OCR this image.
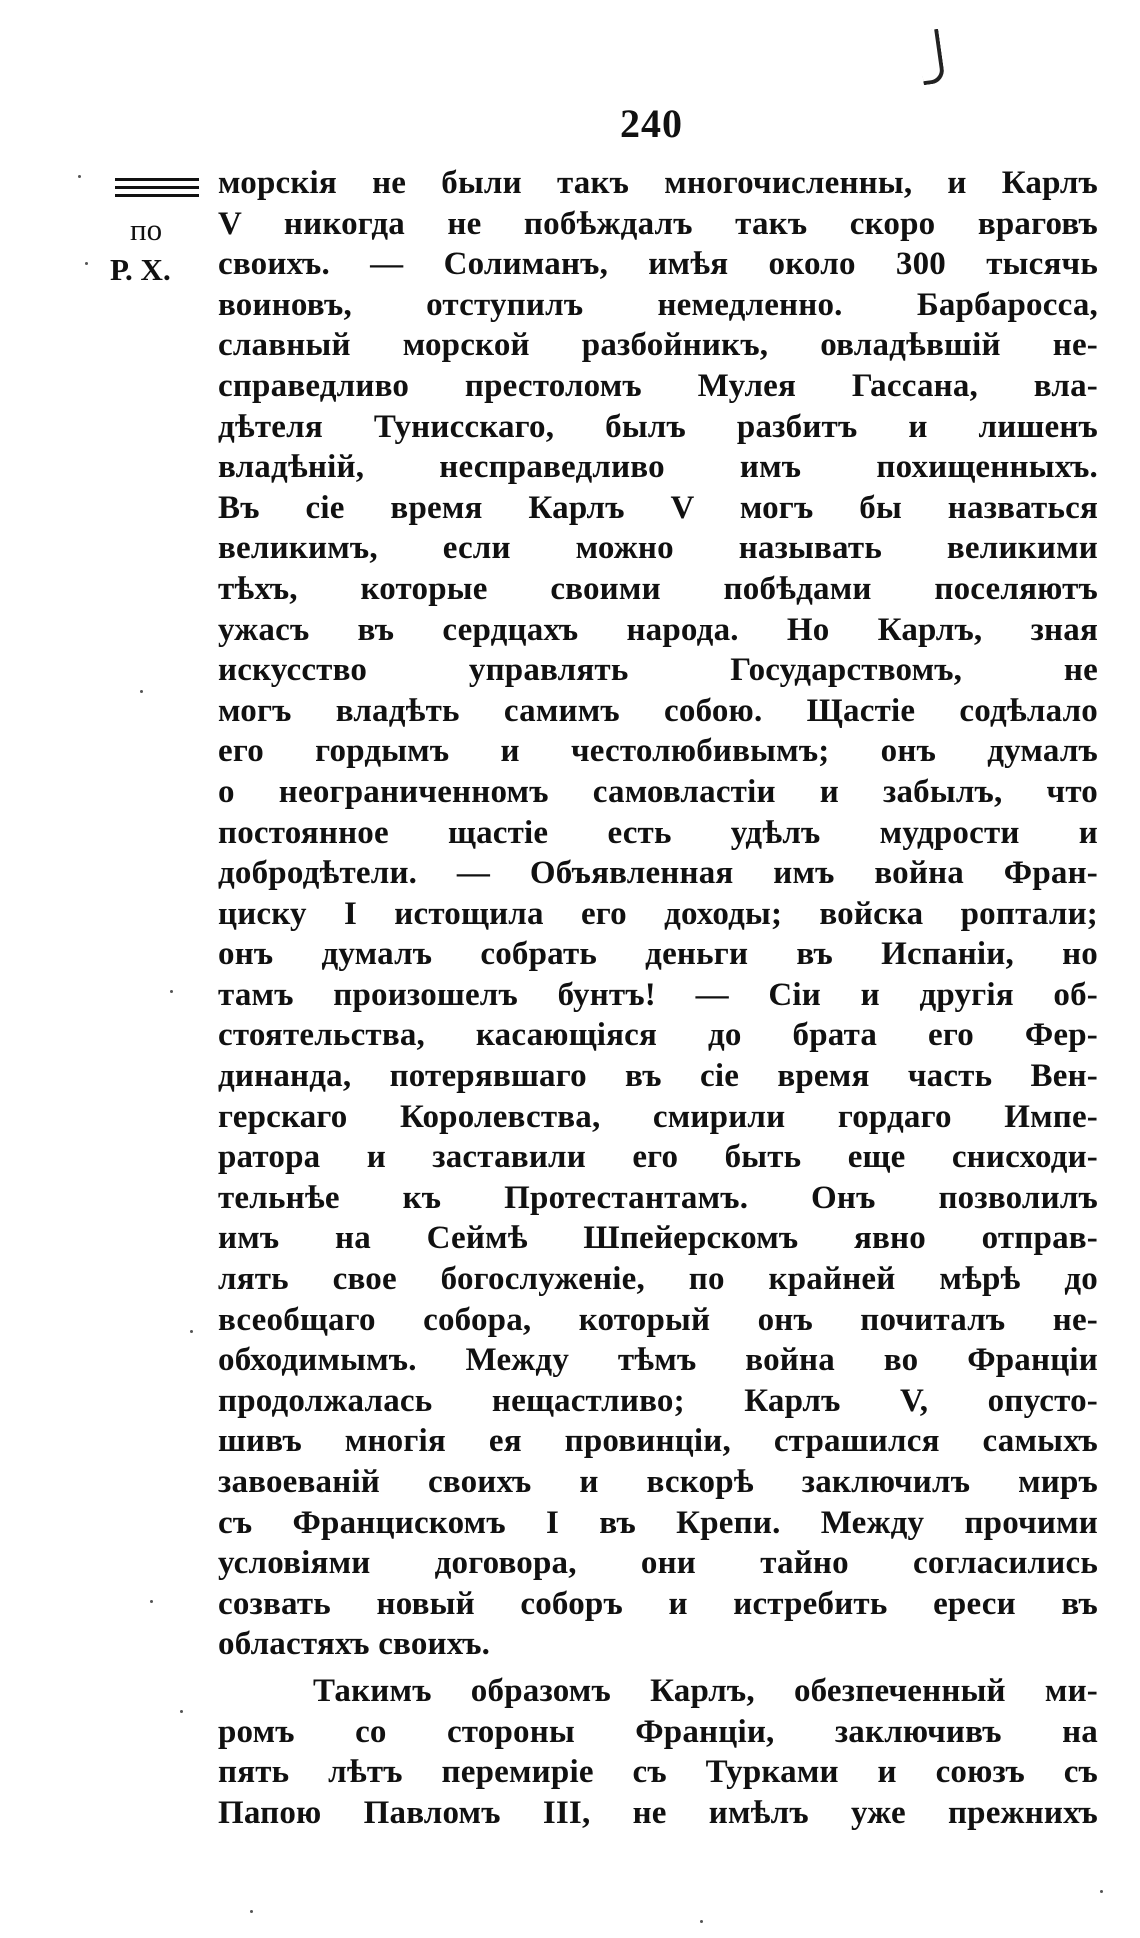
240
по
Р. Х.
морскія не были такъ многочисленны, и Карлъ
V никогда не побѣждалъ такъ скоро враговъ
своихъ. — Солиманъ, имѣя около 300 тысячь
воиновъ, отступилъ немедленно. Барбаросса,
славный морской разбойникъ, овладѣвшій не-
справедливо престоломъ Мулея Гассана, вла-
дѣтеля Тунисскаго, былъ разбитъ и лишенъ
владѣній, несправедливо имъ похищенныхъ.
Въ сіе время Карлъ V могъ бы назваться
великимъ, если можно называть великими
тѣхъ, которые своими побѣдами поселяютъ
ужасъ въ сердцахъ народа. Но Карлъ, зная
искусство управлять Государствомъ, не
могъ владѣть самимъ собою. Щастіе содѣлало
его гордымъ и честолюбивымъ; онъ думалъ
о неограниченномъ самовластіи и забылъ, что
постоянное щастіе есть удѣлъ мудрости и
добродѣтели. — Объявленная имъ война Фран-
циску I истощила его доходы; войска роптали;
онъ думалъ собрать деньги въ Испаніи, но
тамъ произошелъ бунтъ! — Сіи и другія об-
стоятельства, касающіяся до брата его Фер-
динанда, потерявшаго въ сіе время часть Вен-
герскаго Королевства, смирили гордаго Импе-
ратора и заставили его быть еще снисходи-
тельнѣе къ Протестантамъ. Онъ позволилъ
имъ на Сеймѣ Шпейерскомъ явно отправ-
лять свое богослуженіе, по крайней мѣрѣ до
всеобщаго собора, который онъ почиталъ не-
обходимымъ. Между тѣмъ война во Франціи
продолжалась нещастливо; Карлъ V, опусто-
шивъ многія ея провинціи, страшился самыхъ
завоеваній своихъ и вскорѣ заключилъ миръ
съ Францискомъ I въ Крепи. Между прочими
условіями договора, они тайно согласились
созвать новый соборъ и истребить ереси въ
областяхъ своихъ.
Такимъ образомъ Карлъ, обезпеченный ми-
ромъ со стороны Франціи, заключивъ на
пять лѣтъ перемиріе съ Турками и союзъ съ
Папою Павломъ III, не имѣлъ уже прежнихъ
